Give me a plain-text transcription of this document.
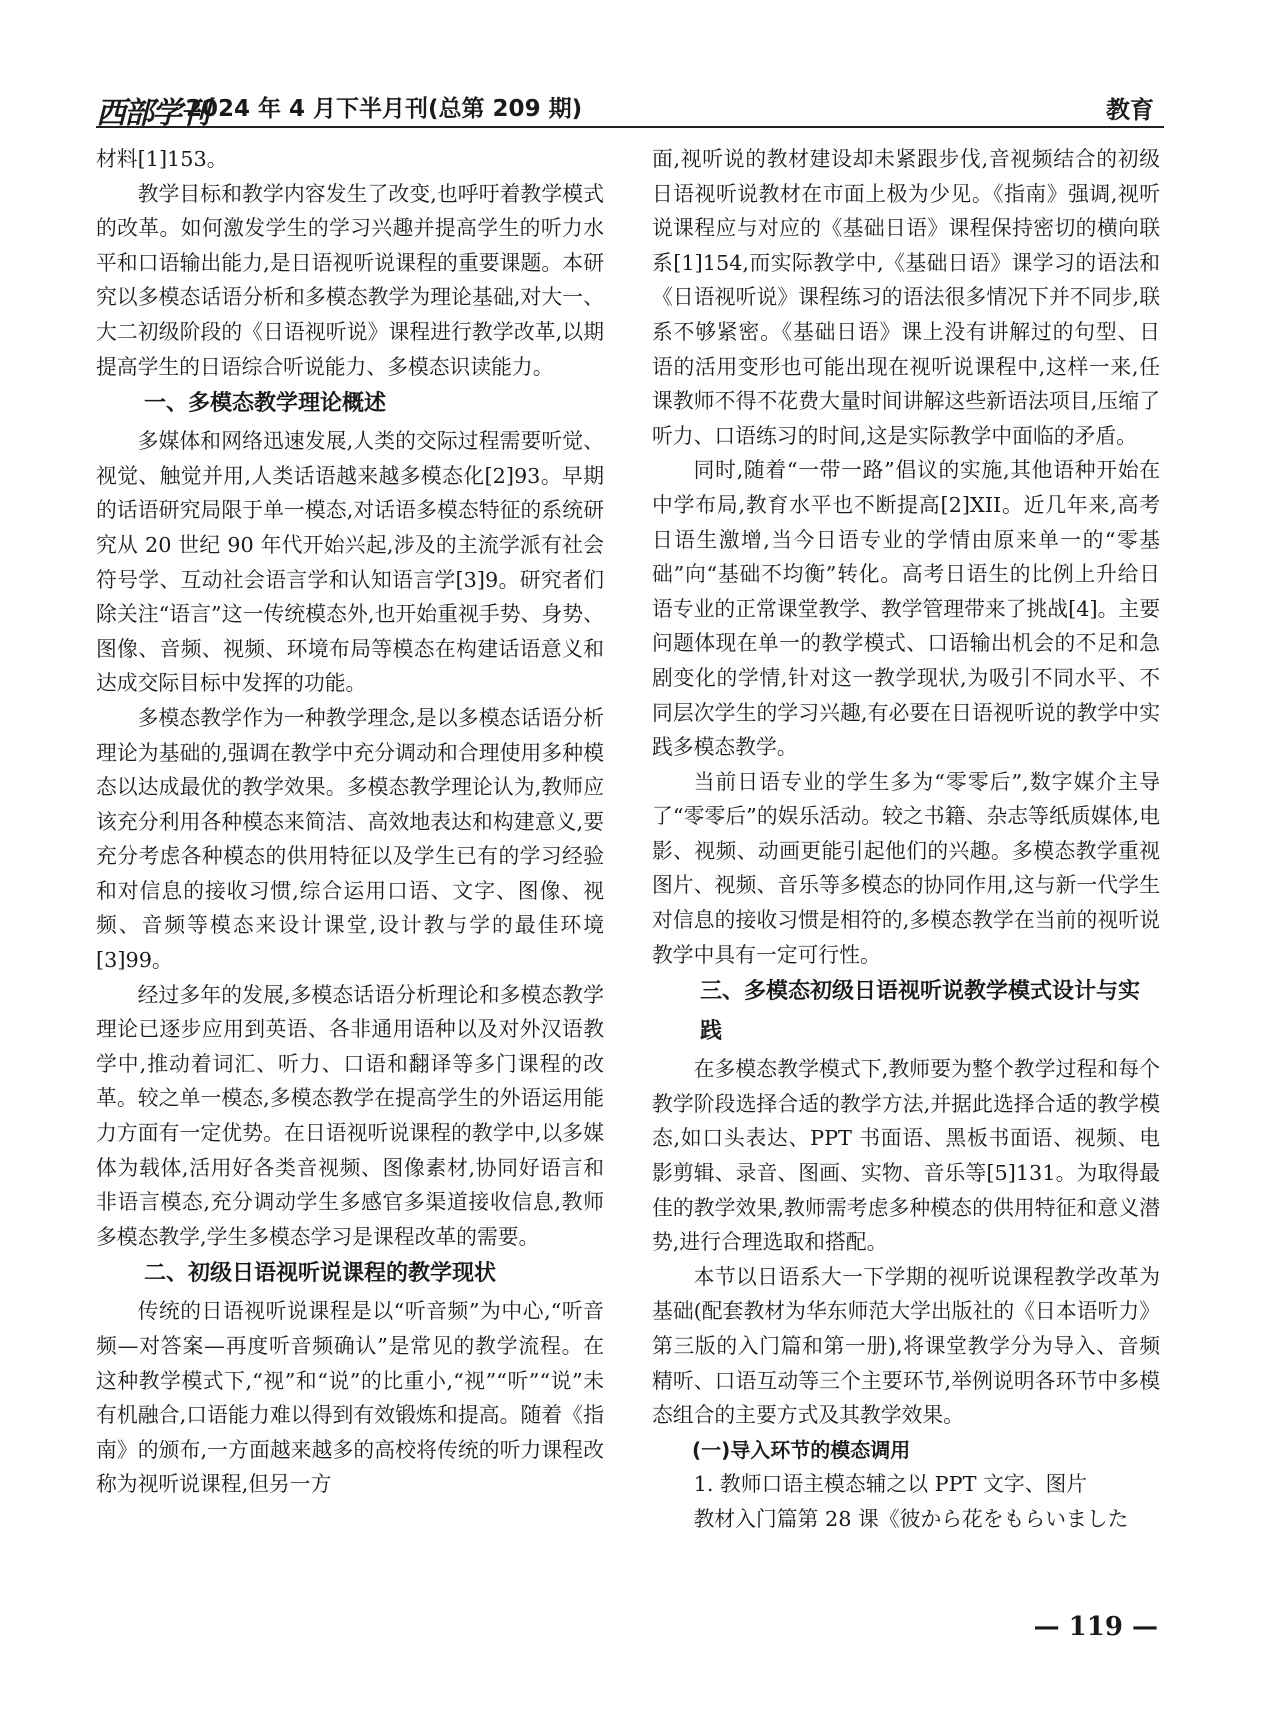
西部学刊
2024 年 4 月下半月刊(总第 209 期)	教育

材料[1]153。

教学目标和教学内容发生了改变,也呼吁着教学模式的改革。如何激发学生的学习兴趣并提高学生的听力水平和口语输出能力,是日语视听说课程的重要课题。本研究以多模态话语分析和多模态教学为理论基础,对大一、大二初级阶段的《日语视听说》课程进行教学改革,以期提高学生的日语综合听说能力、多模态识读能力。

一、多模态教学理论概述

多媒体和网络迅速发展,人类的交际过程需要听觉、视觉、触觉并用,人类话语越来越多模态化[2]93。早期的话语研究局限于单一模态,对话语多模态特征的系统研究从 20 世纪 90 年代开始兴起,涉及的主流学派有社会符号学、互动社会语言学和认知语言学[3]9。研究者们除关注“语言”这一传统模态外,也开始重视手势、身势、图像、音频、视频、环境布局等模态在构建话语意义和达成交际目标中发挥的功能。

多模态教学作为一种教学理念,是以多模态话语分析理论为基础的,强调在教学中充分调动和合理使用多种模态以达成最优的教学效果。多模态教学理论认为,教师应该充分利用各种模态来简洁、高效地表达和构建意义,要充分考虑各种模态的供用特征以及学生已有的学习经验和对信息的接收习惯,综合运用口语、文字、图像、视频、音频等模态来设计课堂,设计教与学的最佳环境[3]99。

经过多年的发展,多模态话语分析理论和多模态教学理论已逐步应用到英语、各非通用语种以及对外汉语教学中,推动着词汇、听力、口语和翻译等多门课程的改革。较之单一模态,多模态教学在提高学生的外语运用能力方面有一定优势。在日语视听说课程的教学中,以多媒体为载体,活用好各类音视频、图像素材,协同好语言和非语言模态,充分调动学生多感官多渠道接收信息,教师多模态教学,学生多模态学习是课程改革的需要。

二、初级日语视听说课程的教学现状

传统的日语视听说课程是以“听音频”为中心,“听音频—对答案—再度听音频确认”是常见的教学流程。在这种教学模式下,“视”和“说”的比重小,“视”“听”“说”未有机融合,口语能力难以得到有效锻炼和提高。随着《指南》的颁布,一方面越来越多的高校将传统的听力课程改称为视听说课程,但另一方

面,视听说的教材建设却未紧跟步伐,音视频结合的初级日语视听说教材在市面上极为少见。《指南》强调,视听说课程应与对应的《基础日语》课程保持密切的横向联系[1]154,而实际教学中,《基础日语》课学习的语法和《日语视听说》课程练习的语法很多情况下并不同步,联系不够紧密。《基础日语》课上没有讲解过的句型、日语的活用变形也可能出现在视听说课程中,这样一来,任课教师不得不花费大量时间讲解这些新语法项目,压缩了听力、口语练习的时间,这是实际教学中面临的矛盾。

同时,随着“一带一路”倡议的实施,其他语种开始在中学布局,教育水平也不断提高[2]XII。近几年来,高考日语生激增,当今日语专业的学情由原来单一的“零基础”向“基础不均衡”转化。高考日语生的比例上升给日语专业的正常课堂教学、教学管理带来了挑战[4]。主要问题体现在单一的教学模式、口语输出机会的不足和急剧变化的学情,针对这一教学现状,为吸引不同水平、不同层次学生的学习兴趣,有必要在日语视听说的教学中实践多模态教学。

当前日语专业的学生多为“零零后”,数字媒介主导了“零零后”的娱乐活动。较之书籍、杂志等纸质媒体,电影、视频、动画更能引起他们的兴趣。多模态教学重视图片、视频、音乐等多模态的协同作用,这与新一代学生对信息的接收习惯是相符的,多模态教学在当前的视听说教学中具有一定可行性。

三、多模态初级日语视听说教学模式设计与实践

在多模态教学模式下,教师要为整个教学过程和每个教学阶段选择合适的教学方法,并据此选择合适的教学模态,如口头表达、PPT 书面语、黑板书面语、视频、电影剪辑、录音、图画、实物、音乐等[5]131。为取得最佳的教学效果,教师需考虑多种模态的供用特征和意义潜势,进行合理选取和搭配。

本节以日语系大一下学期的视听说课程教学改革为基础(配套教材为华东师范大学出版社的《日本语听力》第三版的入门篇和第一册),将课堂教学分为导入、音频精听、口语互动等三个主要环节,举例说明各环节中多模态组合的主要方式及其教学效果。

(一)导入环节的模态调用

1. 教师口语主模态辅之以 PPT 文字、图片

教材入门篇第 28 课《彼から花をもらいました

— 119 —
